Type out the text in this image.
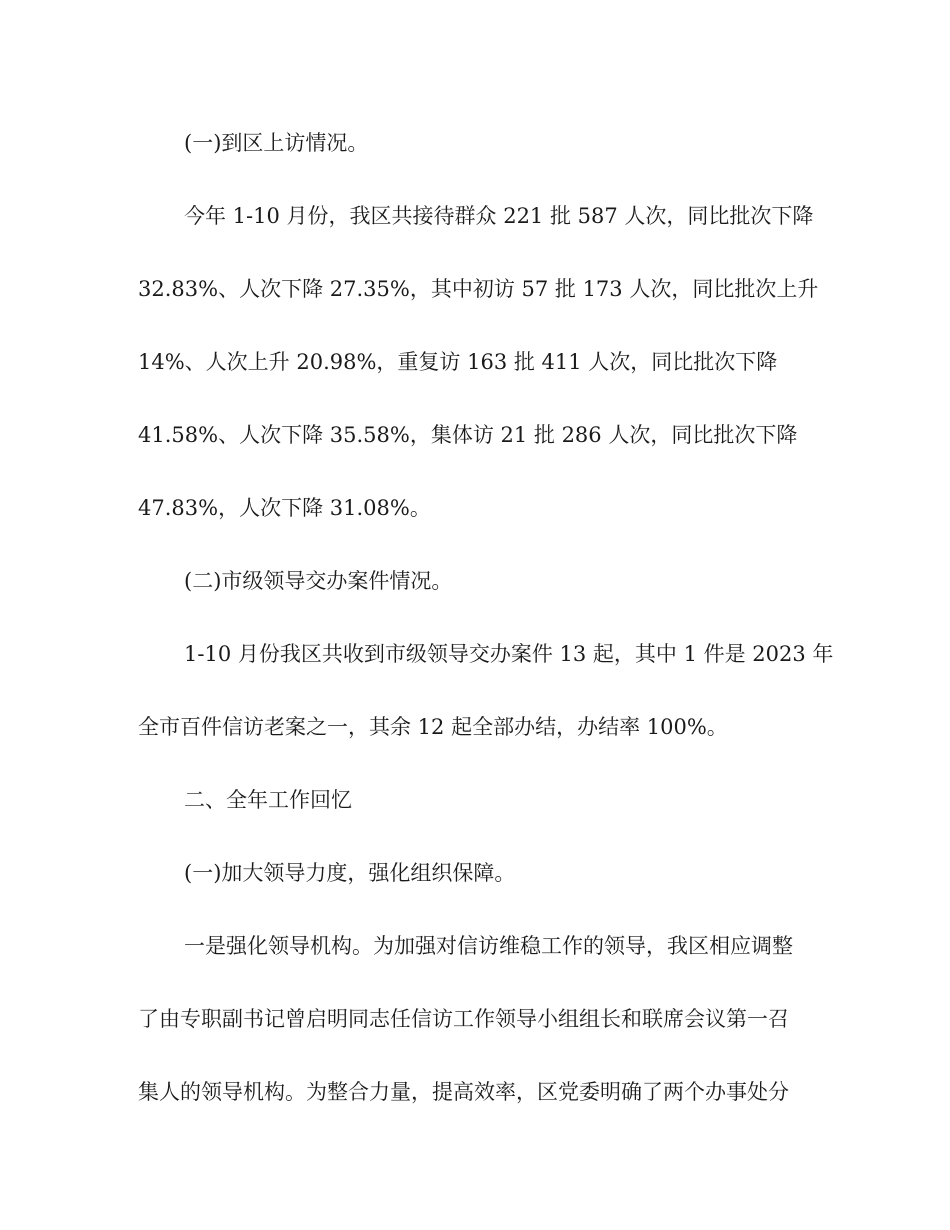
(一)到区上访情况。
今年 1-10 月份，我区共接待群众 221 批 587 人次，同比批次下降
32.83%、人次下降 27.35%，其中初访 57 批 173 人次，同比批次上升
14%、人次上升 20.98%，重复访 163 批 411 人次，同比批次下降
41.58%、人次下降 35.58%，集体访 21 批 286 人次，同比批次下降
47.83%，人次下降 31.08%。
(二)市级领导交办案件情况。
1-10 月份我区共收到市级领导交办案件 13 起，其中 1 件是 2023 年
全市百件信访老案之一，其余 12 起全部办结，办结率 100%。
二、全年工作回忆
(一)加大领导力度，强化组织保障。
一是强化领导机构。为加强对信访维稳工作的领导，我区相应调整
了由专职副书记曾启明同志任信访工作领导小组组长和联席会议第一召
集人的领导机构。为整合力量，提高效率，区党委明确了两个办事处分
